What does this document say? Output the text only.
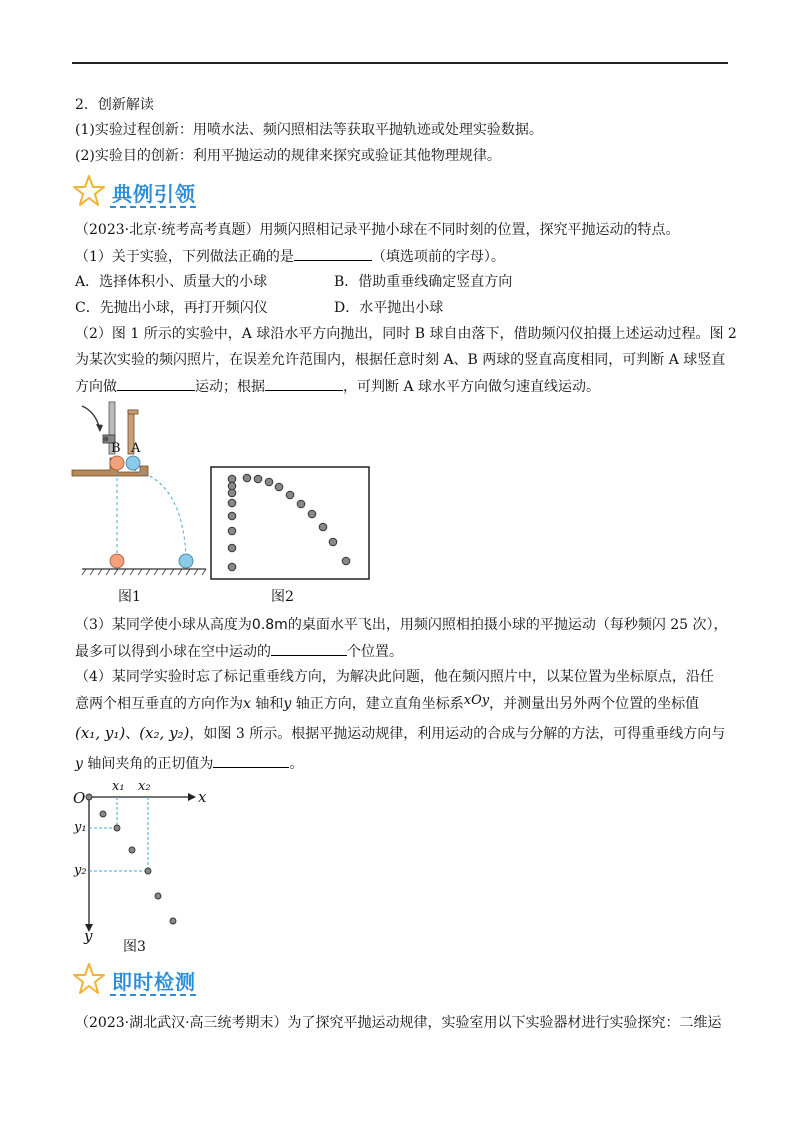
2．创新解读
(1)实验过程创新：用喷水法、频闪照相法等获取平抛轨迹或处理实验数据。
(2)实验目的创新：利用平抛运动的规律来探究或验证其他物理规律。
典例引领
（2023·北京·统考高考真题）用频闪照相记录平抛小球在不同时刻的位置，探究平抛运动的特点。
（1）关于实验，下列做法正确的是	（填选项前的字母）。
A．选择体积小、质量大的小球	B．借助重垂线确定竖直方向
C．先抛出小球，再打开频闪仪	D．水平抛出小球
（2）图 1 所示的实验中，A 球沿水平方向抛出，同时 B 球自由落下，借助频闪仪拍摄上述运动过程。图 2
为某次实验的频闪照片，在误差允许范围内，根据任意时刻 A、B 两球的竖直高度相同，可判断 A 球竖直
方向做	运动；根据	，可判断 A 球水平方向做匀速直线运动。
B A
图1	图2
（3）某同学使小球从高度为0.8m的桌面水平飞出，用频闪照相拍摄小球的平抛运动（每秒频闪 25 次），
最多可以得到小球在空中运动的	个位置。
（4）某同学实验时忘了标记重垂线方向，为解决此问题，他在频闪照片中，以某位置为坐标原点，沿任
意两个相互垂直的方向作为x 轴和y 轴正方向，建立直角坐标系xOy，并测量出另外两个位置的坐标值
(x₁, y₁)、(x₂, y₂)，如图 3 所示。根据平抛运动规律，利用运动的合成与分解的方法，可得重垂线方向与
y 轴间夹角的正切值为	。
O	x
y
x₁ x₂
y₁
y₂
图3
即时检测
（2023·湖北武汉·高三统考期末）为了探究平抛运动规律，实验室用以下实验器材进行实验探究：二维运
